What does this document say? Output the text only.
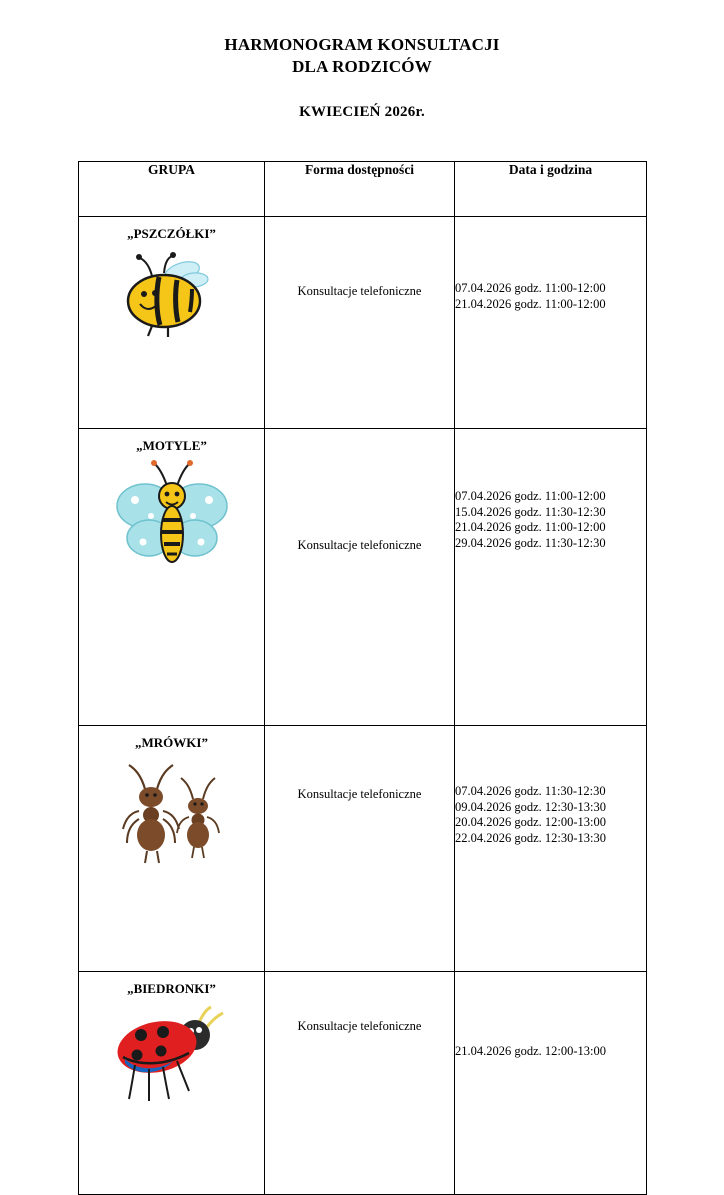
HARMONOGRAM KONSULTACJI
DLA RODZICÓW
KWIECIEŃ 2026r.
GRUPA	Forma dostępności	Data i godzina

„PSZCZÓŁKI”	Konsultacje telefoniczne	07.04.2026 godz. 11:00-12:00
21.04.2026 godz. 11:00-12:00

„MOTYLE”	Konsultacje telefoniczne	07.04.2026 godz. 11:00-12:00
15.04.2026 godz. 11:30-12:30
21.04.2026 godz. 11:00-12:00
29.04.2026 godz. 11:30-12:30

„MRÓWKI”	Konsultacje telefoniczne	07.04.2026 godz. 11:30-12:30
09.04.2026 godz. 12:30-13:30
20.04.2026 godz. 12:00-13:00
22.04.2026 godz. 12:30-13:30

„BIEDRONKI”	Konsultacje telefoniczne	21.04.2026 godz. 12:00-13:00
